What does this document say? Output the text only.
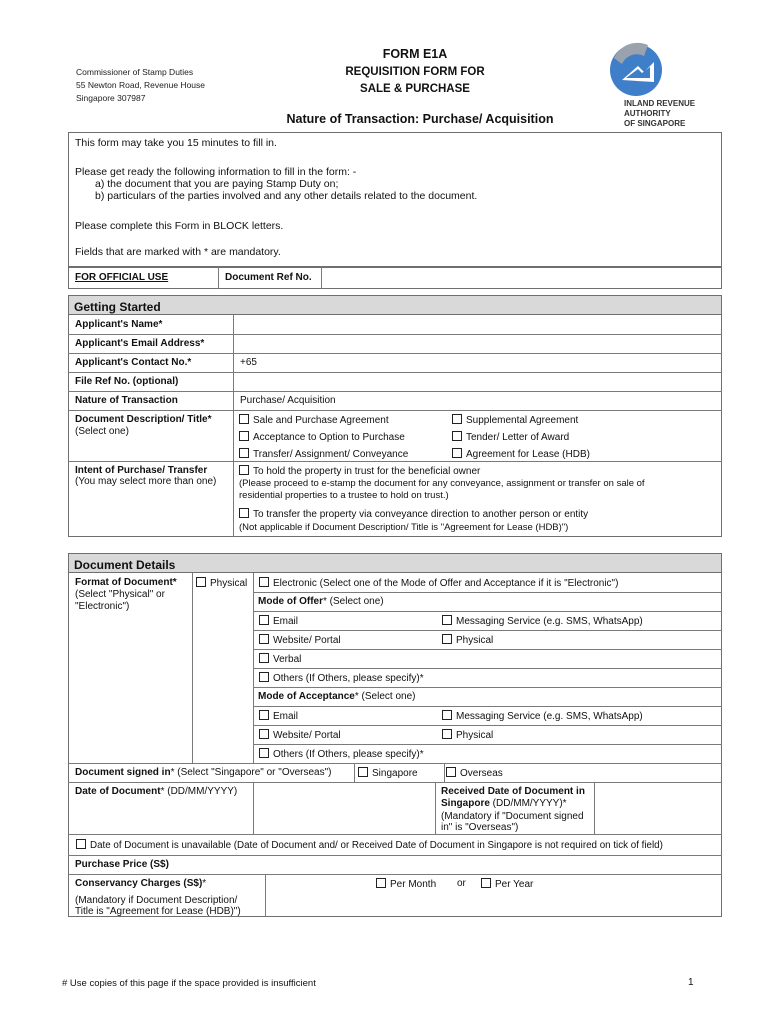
Commissioner of Stamp Duties
55 Newton Road, Revenue House
Singapore 307987
FORM E1A
REQUISITION FORM FOR
SALE & PURCHASE
Nature of Transaction: Purchase/ Acquisition
INLAND REVENUE
AUTHORITY
OF SINGAPORE
This form may take you 15 minutes to fill in.
Please get ready the following information to fill in the form: -
a) the document that you are paying Stamp Duty on;
b) particulars of the parties involved and any other details related to the document.
Please complete this Form in BLOCK letters.
Fields that are marked with * are mandatory.
FOR OFFICIAL USE	Document Ref No.
Getting Started
Applicant's Name*
Applicant's Email Address*
Applicant's Contact No.*	+65
File Ref No. (optional)
Nature of Transaction	Purchase/ Acquisition
Document Description/ Title*
(Select one)
Sale and Purchase Agreement	Supplemental Agreement
Acceptance to Option to Purchase	Tender/ Letter of Award
Transfer/ Assignment/ Conveyance	Agreement for Lease (HDB)
Intent of Purchase/ Transfer
(You may select more than one)
To hold the property in trust for the beneficial owner
(Please proceed to e-stamp the document for any conveyance, assignment or transfer on sale of
residential properties to a trustee to hold on trust.)
To transfer the property via conveyance direction to another person or entity
(Not applicable if Document Description/ Title is "Agreement for Lease (HDB)")
Document Details
Format of Document*
(Select "Physical" or
"Electronic")
Physical	Electronic (Select one of the Mode of Offer and Acceptance if it is "Electronic")
Mode of Offer* (Select one)
Email	Messaging Service (e.g. SMS, WhatsApp)
Website/ Portal	Physical
Verbal
Others (If Others, please specify)*
Mode of Acceptance* (Select one)
Email	Messaging Service (e.g. SMS, WhatsApp)
Website/ Portal	Physical
Others (If Others, please specify)*
Document signed in* (Select "Singapore" or "Overseas")	Singapore	Overseas
Date of Document* (DD/MM/YYYY)	Received Date of Document in
Singapore (DD/MM/YYYY)*
(Mandatory if "Document signed
in" is "Overseas")
Date of Document is unavailable (Date of Document and/ or Received Date of Document in Singapore is not required on tick of field)
Purchase Price (S$)
Conservancy Charges (S$)*
(Mandatory if Document Description/
Title is "Agreement for Lease (HDB)")
Per Month or	Per Year
# Use copies of this page if the space provided is insufficient	1
